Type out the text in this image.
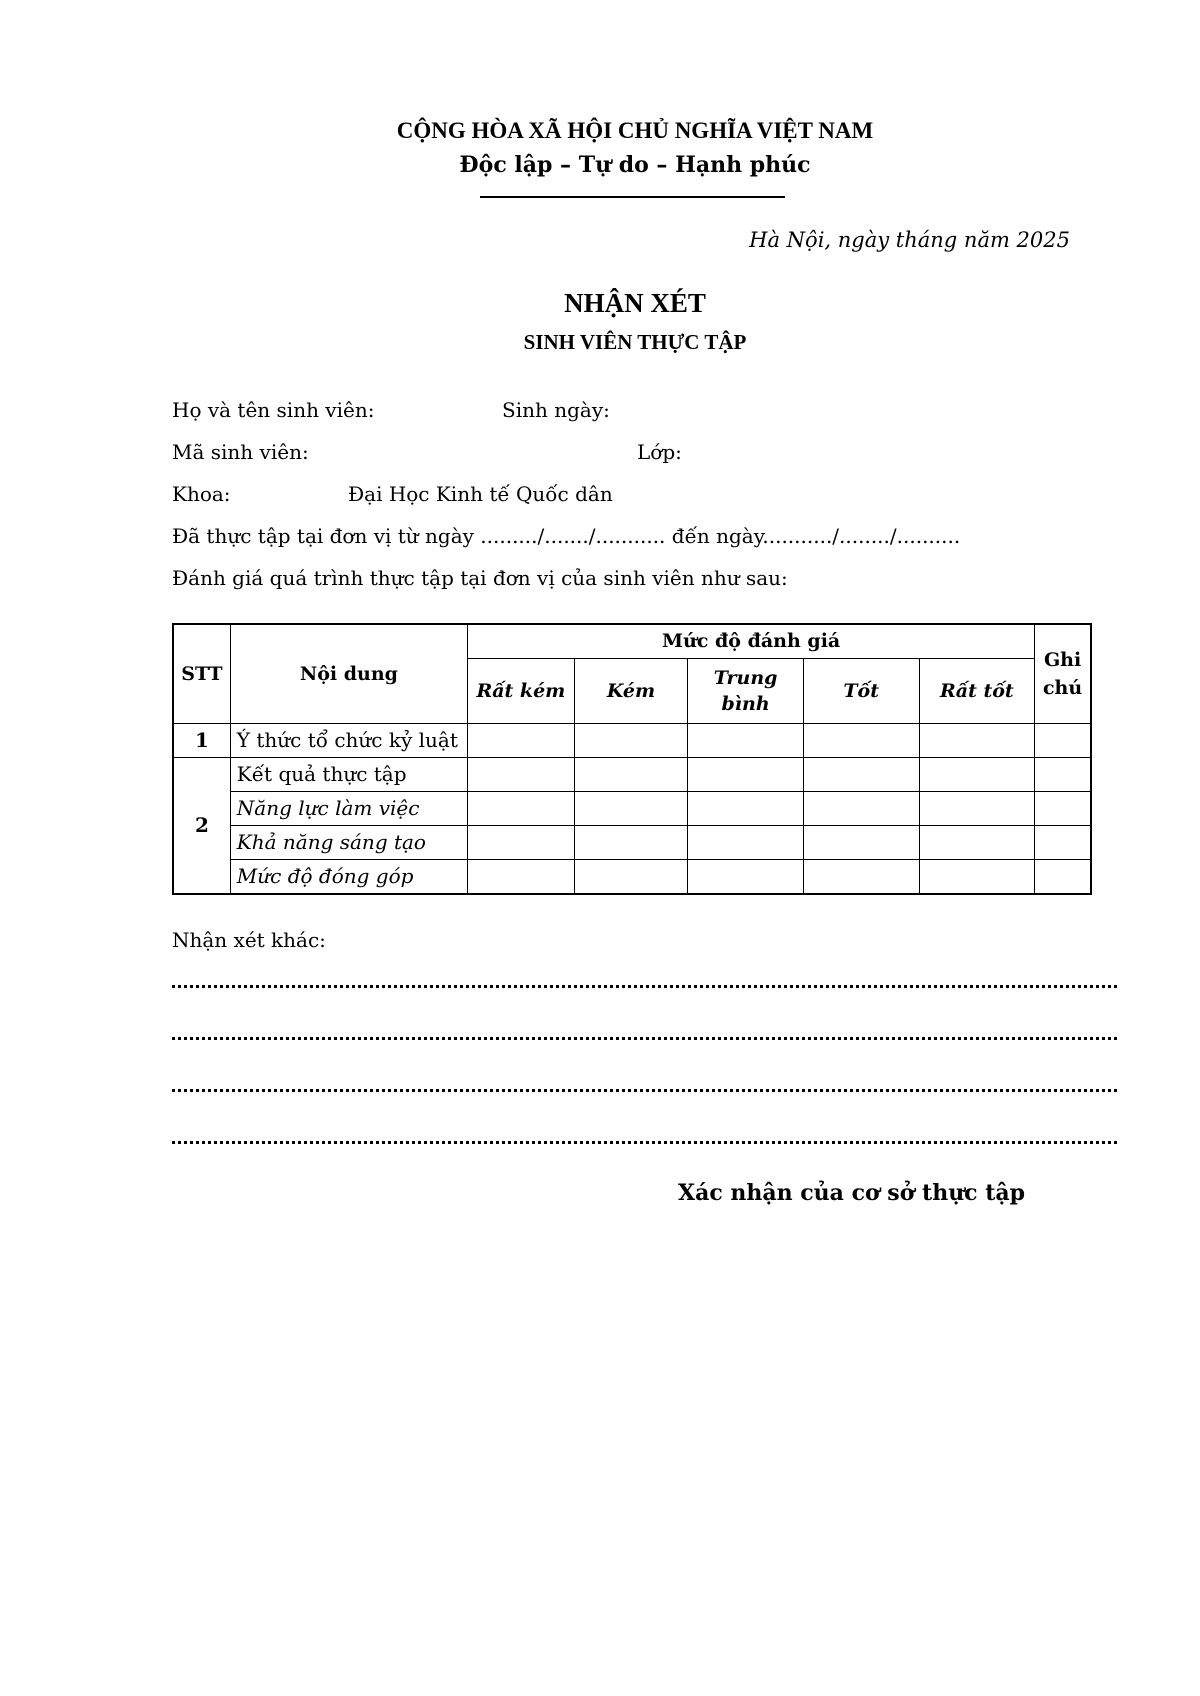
CỘNG HÒA XÃ HỘI CHỦ NGHĨA VIỆT NAM
Độc lập – Tự do – Hạnh phúc
Hà Nội, ngày tháng năm 2025
NHẬN XÉT
SINH VIÊN THỰC TẬP
Họ và tên sinh viên:	Sinh ngày:
Mã sinh viên:	Lớp:
Khoa:	Đại Học Kinh tế Quốc dân
Đã thực tập tại đơn vị từ ngày ........./......./........... đến ngày.........../......../..........
Đánh giá quá trình thực tập tại đơn vị của sinh viên như sau:
STT	Nội dung	Mức độ đánh giá					Ghi chú
		Rất kém	Kém	Trung bình	Tốt	Rất tốt	
1	Ý thức tổ chức kỷ luật						
2	Kết quả thực tập						
	Năng lực làm việc						
	Khả năng sáng tạo						
	Mức độ đóng góp						
Nhận xét khác:
Xác nhận của cơ sở thực tập
